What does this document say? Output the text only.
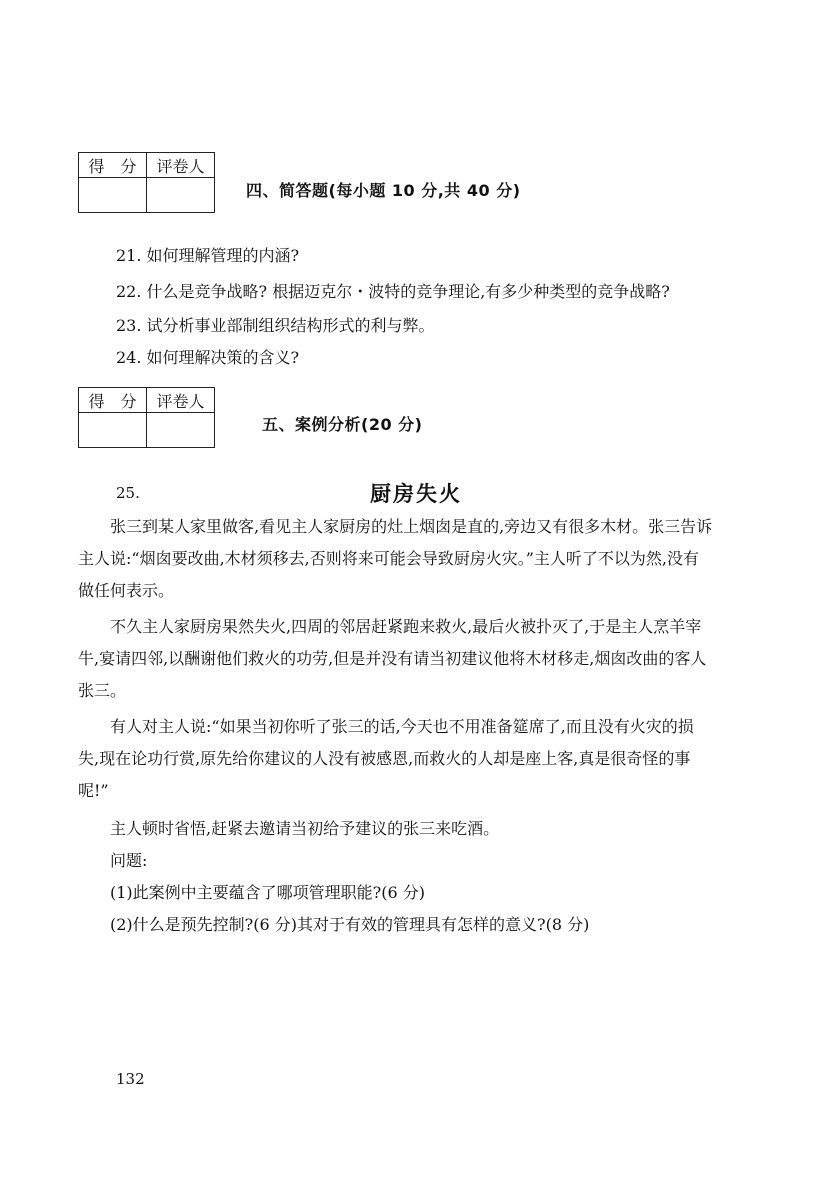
得　分	评卷人

四、简答题(每小题 10 分,共 40 分)
21. 如何理解管理的内涵?
22. 什么是竞争战略? 根据迈克尔・波特的竞争理论,有多少种类型的竞争战略?
23. 试分析事业部制组织结构形式的利与弊。
24. 如何理解决策的含义?
得　分	评卷人

五、案例分析(20 分)
25.	厨房失火
　　张三到某人家里做客,看见主人家厨房的灶上烟囱是直的,旁边又有很多木材。张三告诉
主人说:“烟囱要改曲,木材须移去,否则将来可能会导致厨房火灾。”主人听了不以为然,没有
做任何表示。
　　不久主人家厨房果然失火,四周的邻居赶紧跑来救火,最后火被扑灭了,于是主人烹羊宰
牛,宴请四邻,以酬谢他们救火的功劳,但是并没有请当初建议他将木材移走,烟囱改曲的客人
张三。
　　有人对主人说:“如果当初你听了张三的话,今天也不用准备筵席了,而且没有火灾的损
失,现在论功行赏,原先给你建议的人没有被感恩,而救火的人却是座上客,真是很奇怪的事
呢!”
　　主人顿时省悟,赶紧去邀请当初给予建议的张三来吃酒。
　　问题:
　　(1)此案例中主要蕴含了哪项管理职能?(6 分)
　　(2)什么是预先控制?(6 分)其对于有效的管理具有怎样的意义?(8 分)
132
